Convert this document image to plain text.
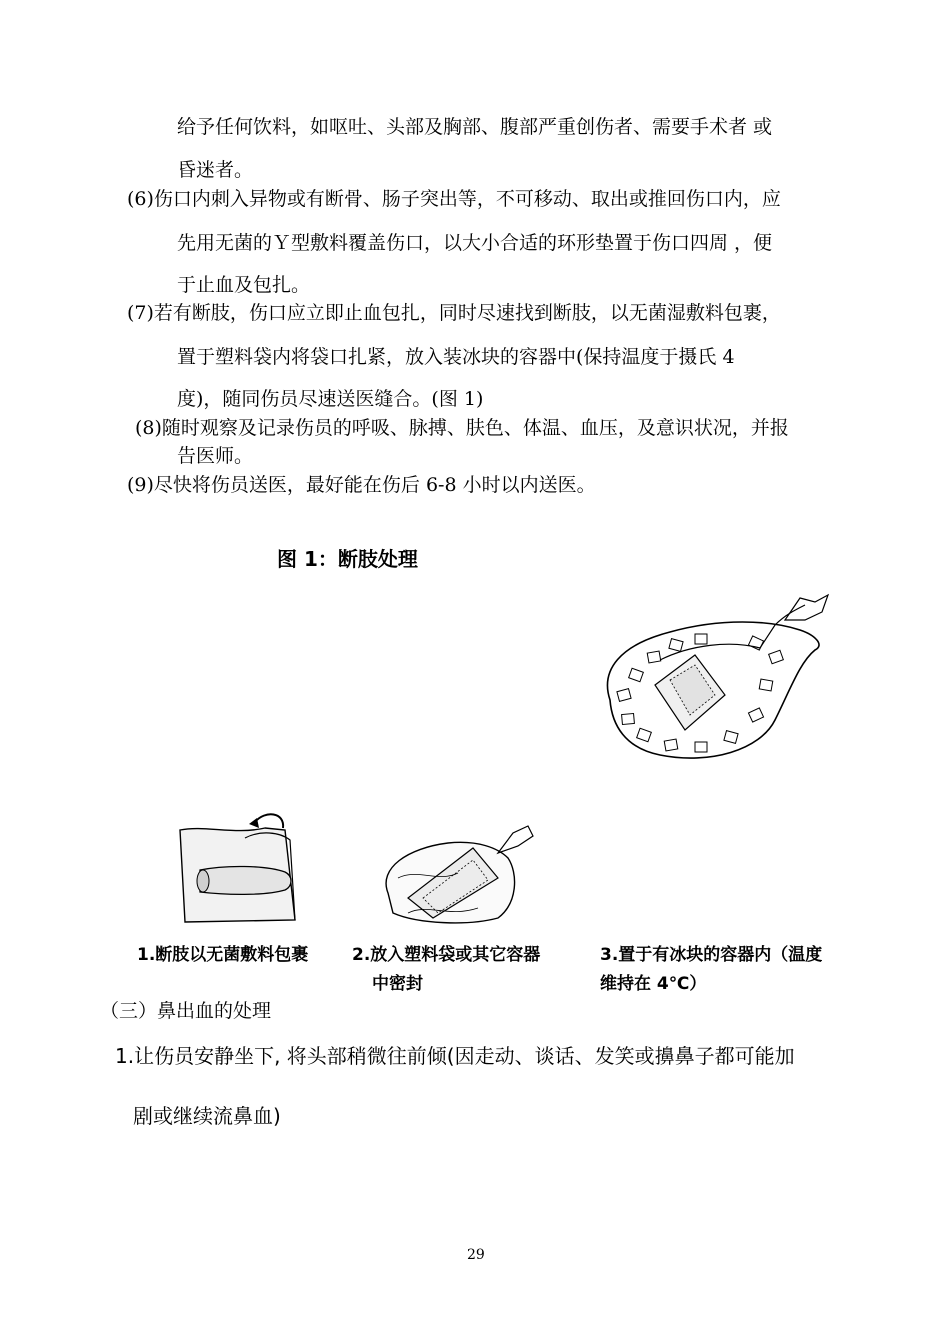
给予任何饮料，如呕吐、头部及胸部、腹部严重创伤者、需要手术者 或
昏迷者。
(6)伤口内刺入异物或有断骨、肠子突出等，不可移动、取出或推回伤口内，应
先用无菌的Ｙ型敷料覆盖伤口，以大小合适的环形垫置于伤口四周 ，便
于止血及包扎。
(7)若有断肢，伤口应立即止血包扎，同时尽速找到断肢，以无菌湿敷料包裹，
置于塑料袋内将袋口扎紧，放入装冰块的容器中(保持温度于摄氏 4
度)，随同伤员尽速送医缝合。(图 1)
(8)随时观察及记录伤员的呼吸、脉搏、肤色、体温、血压，及意识状况，并报
告医师。
(9)尽快将伤员送医，最好能在伤后 6-8 小时以内送医。
图 1：断肢处理
1.断肢以无菌敷料包裹	2.放入塑料袋或其它容器
中密封
3.置于有冰块的容器内（温度
维持在 4℃）
（三）鼻出血的处理
1.让伤员安静坐下, 将头部稍微往前倾(因走动、谈话、发笑或擤鼻子都可能加
剧或继续流鼻血)
29
